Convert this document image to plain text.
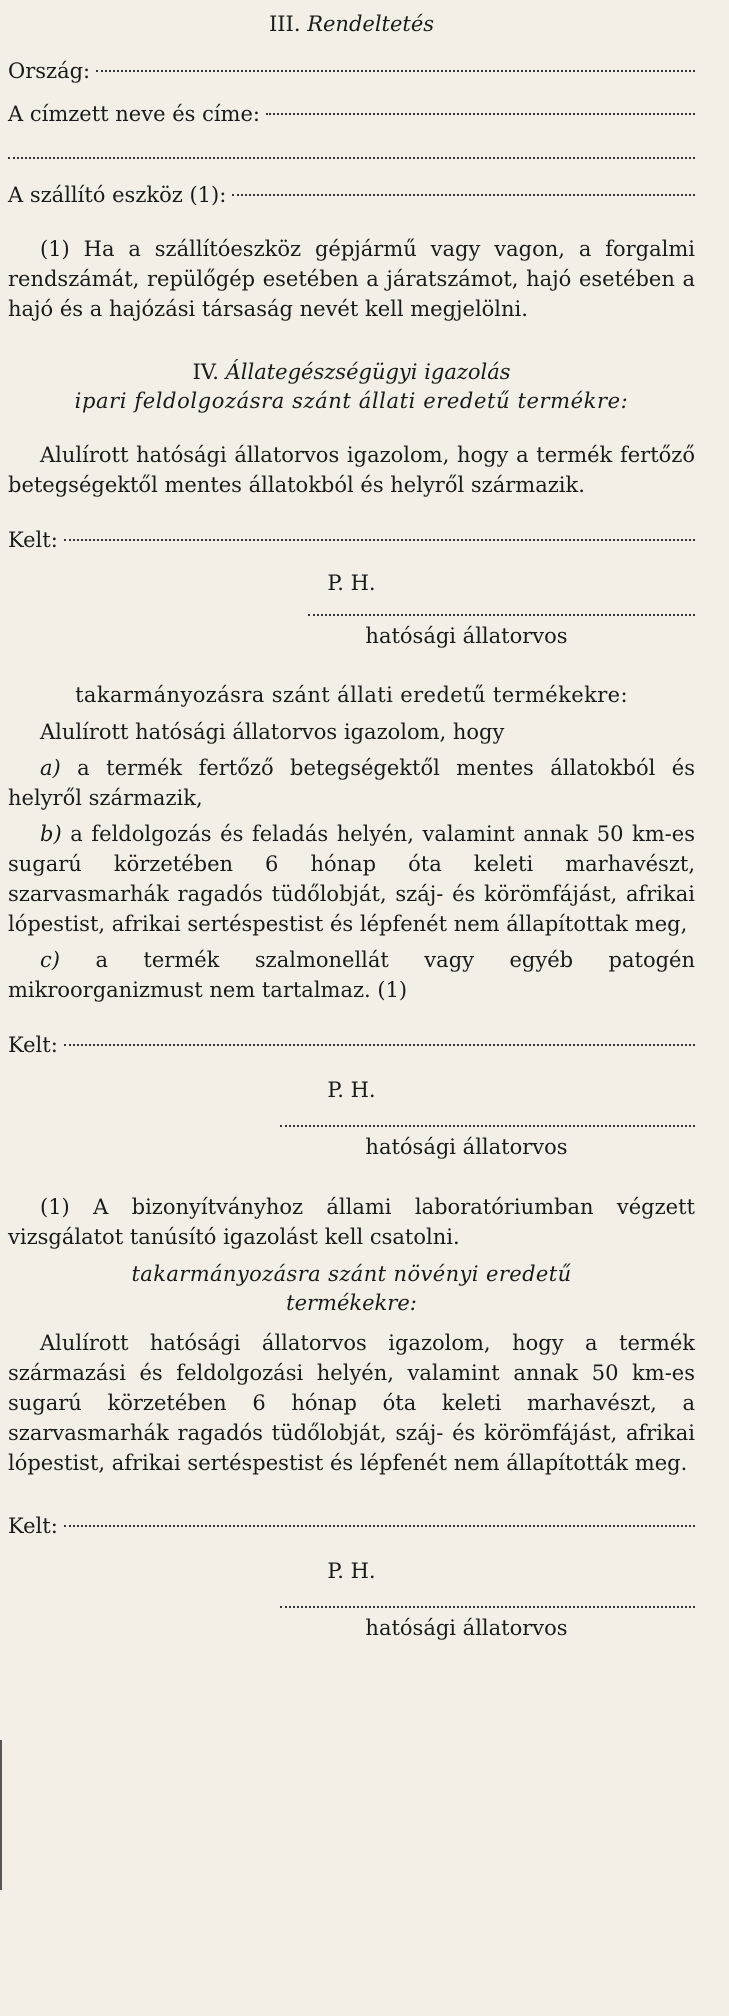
III. Rendeltetés
Ország:
A címzett neve és címe:
A szállító eszköz (1):

(1) Ha a szállítóeszköz gépjármű vagy vagon, a forgalmi rendszámát, repülőgép esetében a járatszámot, hajó esetében a hajó és a hajózási társaság nevét kell megjelölni.

IV. Állategészségügyi igazolás
ipari feldolgozásra szánt állati eredetű termékre:

Alulírott hatósági állatorvos igazolom, hogy a termék fertőző betegségektől mentes állatokból és helyről származik.

Kelt:
P. H.
hatósági állatorvos
takarmányozásra szánt állati eredetű termékekre:
Alulírott hatósági állatorvos igazolom, hogy

a) a termék fertőző betegségektől mentes állatokból és helyről származik,

b) a feldolgozás és feladás helyén, valamint annak 50 km-es sugarú körzetében 6 hónap óta keleti marhavészt, szarvasmarhák ragadós tüdőlobját, száj- és körömfájást, afrikai lópestist, afrikai sertéspestist és lépfenét nem állapítottak meg,

c) a termék szalmonellát vagy egyéb patogén mikroorganizmust nem tartalmaz. (1)

Kelt:
P. H.
hatósági állatorvos

(1) A bizonyítványhoz állami laboratóriumban végzett vizsgálatot tanúsító igazolást kell csatolni.

takarmányozásra szánt növényi eredetű
termékekre:

Alulírott hatósági állatorvos igazolom, hogy a termék származási és feldolgozási helyén, valamint annak 50 km-es sugarú körzetében 6 hónap óta keleti marhavészt, a szarvasmarhák ragadós tüdőlobját, száj- és körömfájást, afrikai lópestist, afrikai sertéspestist és lépfenét nem állapították meg.

Kelt:
P. H.
hatósági állatorvos
